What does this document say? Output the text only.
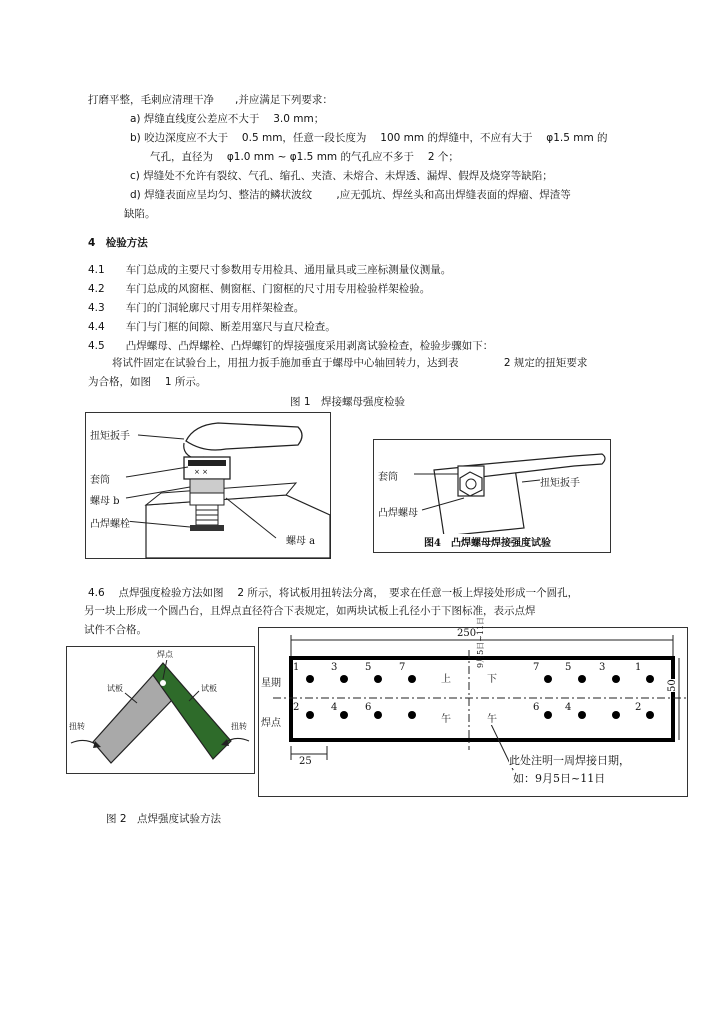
打磨平整，毛刺应清理干净　　,并应满足下列要求：
a) 焊缝直线度公差应不大于　 3.0 mm；
b) 咬边深度应不大于　 0.5 mm，任意一段长度为　 100 mm 的焊缝中，不应有大于　 φ1.5 mm 的
气孔，直径为　 φ1.0 mm ~ φ1.5 mm 的气孔应不多于　 2 个；
c) 焊缝处不允许有裂纹、气孔、缩孔、夹渣、未熔合、未焊透、漏焊、假焊及烧穿等缺陷；
d) 焊缝表面应呈均匀、整洁的鳞状波纹　　 ,应无弧坑、焊丝头和高出焊缝表面的焊瘤、焊渣等
缺陷。
4　检验方法
4.1　　车门总成的主要尺寸参数用专用检具、通用量具或三座标测量仪测量。
4.2　　车门总成的风窗框、侧窗框、门窗框的尺寸用专用检验样架检验。
4.3　　车门的门洞轮廓尺寸用专用样架检查。
4.4　　车门与门框的间隙、断差用塞尺与直尺检查。
4.5　　凸焊螺母、凸焊螺栓、凸焊螺钉的焊接强度采用剥离试验检查，检验步骤如下：
将试件固定在试验台上，用扭力扳手施加垂直于螺母中心轴回转力，达到表　　　　 2 规定的扭矩要求
为合格，如图　 1 所示。
图 1　焊接螺母强度检验
× ×
扭矩扳手
套筒
螺母 b
凸焊螺栓
螺母 a
套筒
扭矩扳手
凸焊螺母
图4　凸焊螺母焊接强度试验
4.6　 点焊强度检验方法如图　 2 所示，将试板用扭转法分离，　要求在任意一板上焊接处形成一个圆孔，
另一块上形成一个圆凸台，且焊点直径符合下表规定，如两块试板上孔径小于下图标准，表示点焊
试件不合格。
焊点
试板	试板
扭转	扭转
250
50
25
星期
焊点
1	3	5	7
上	下
7	5	3	1
2	4	6
午	午
6	4	2
9月5日~11日
此处注明一周焊接日期，
如：9月5日~11日
图 2　点焊强度试验方法
